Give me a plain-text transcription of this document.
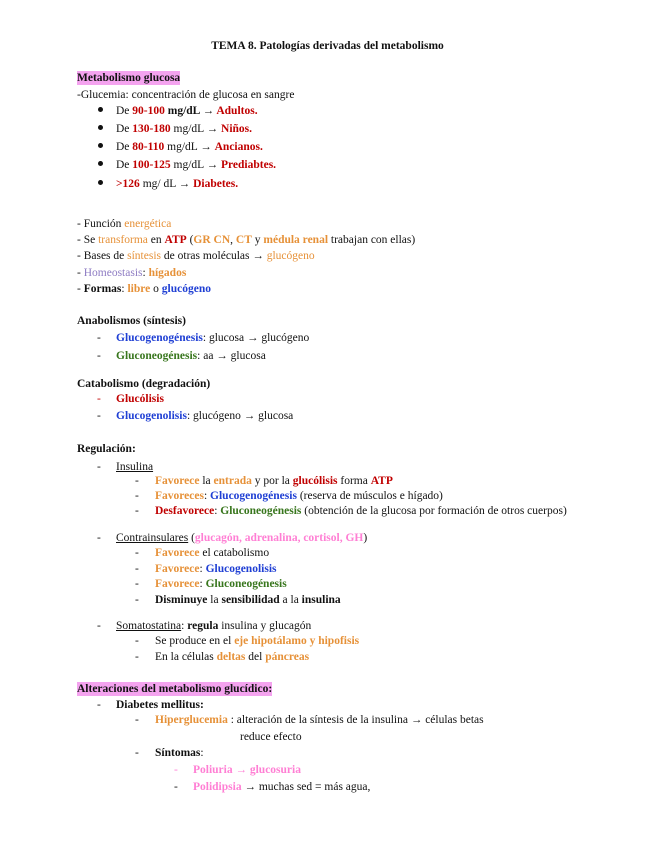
TEMA 8. Patologías derivadas del metabolismo
Metabolismo glucosa
-Glucemia: concentración de glucosa en sangre
De 90-100 mg/dL → Adultos.
De 130-180 mg/dL → Niños.
De 80-110 mg/dL → Ancianos.
De 100-125 mg/dL → Prediabtes.
>126 mg/ dL → Diabetes.
- Función energética
- Se transforma en ATP (GR CN, CT y médula renal trabajan con ellas)
- Bases de síntesis de otras moléculas → glucógeno
- Homeostasis: hígados
- Formas: libre o glucógeno
Anabolismos (síntesis)
- Glucogenogénesis: glucosa → glucógeno
- Gluconeogénesis: aa → glucosa
Catabolismo (degradación)
- Glucólisis
- Glucogenolisis: glucógeno → glucosa
Regulación:
- Insulina
- Favorece la entrada y por la glucólisis forma ATP
- Favoreces: Glucogenogénesis (reserva de músculos e hígado)
- Desfavorece: Gluconeogénesis (obtención de la glucosa por formación de otros cuerpos)
- Contrainsulares (glucagón, adrenalina, cortisol, GH)
- Favorece el catabolismo
- Favorece: Glucogenolisis
- Favorece: Gluconeogénesis
- Disminuye la sensibilidad a la insulina
- Somatostatina: regula insulina y glucagón
- Se produce en el eje hipotálamo y hipofisis
- En la células deltas del páncreas
Alteraciones del metabolismo glucídico:
- Diabetes mellitus:
- Hiperglucemia : alteración de la síntesis de la insulina → células betas
reduce efecto
- Síntomas:
- Poliuria → glucosuria
- Polidipsia → muchas sed = más agua,
